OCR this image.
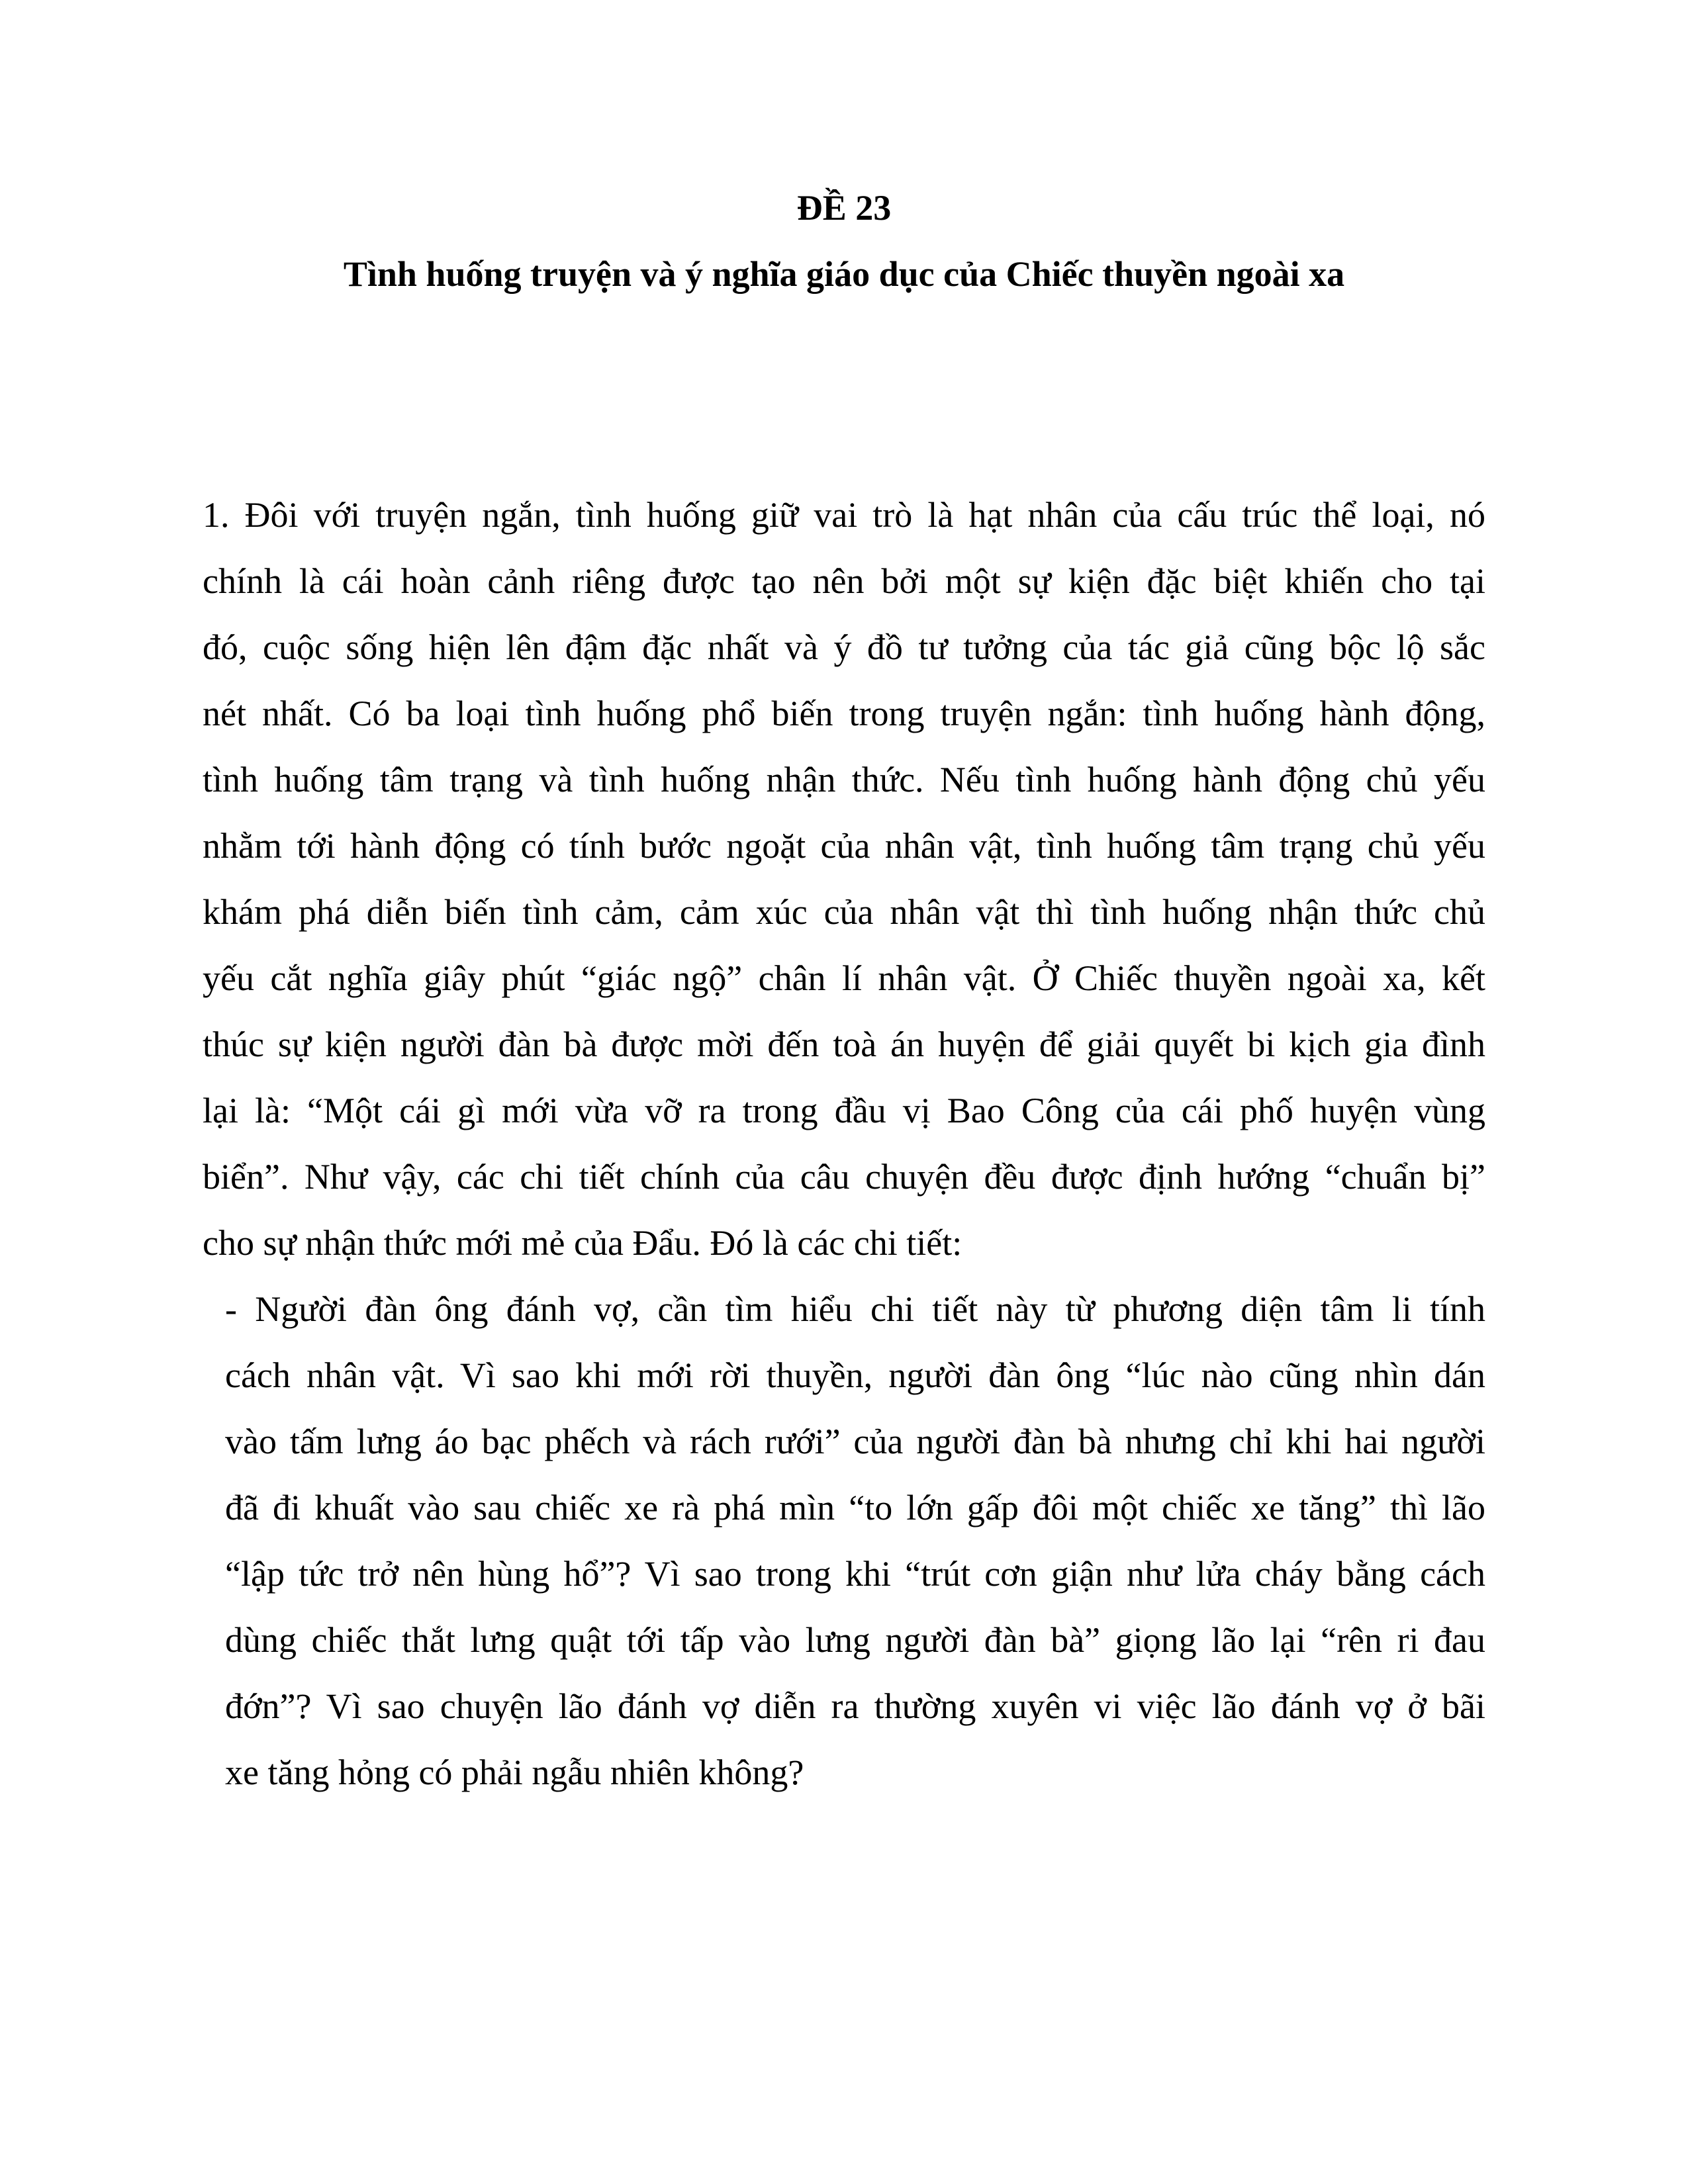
ĐỀ 23
Tình huống truyện và ý nghĩa giáo dục của Chiếc thuyền ngoài xa

1. Đôi với truyện ngắn, tình huống giữ vai trò là hạt nhân của cấu trúc thể loại, nó
chính là cái hoàn cảnh riêng được tạo nên bởi một sự kiện đặc biệt khiến cho tại
đó, cuộc sống hiện lên đậm đặc nhất và ý đồ tư tưởng của tác giả cũng bộc lộ sắc
nét nhất. Có ba loại tình huống phổ biến trong truyện ngắn: tình huống hành động,
tình huống tâm trạng và tình huống nhận thức. Nếu tình huống hành động chủ yếu
nhằm tới hành động có tính bước ngoặt của nhân vật, tình huống tâm trạng chủ yếu
khám phá diễn biến tình cảm, cảm xúc của nhân vật thì tình huống nhận thức chủ
yếu cắt nghĩa giây phút “giác ngộ” chân lí nhân vật. Ở Chiếc thuyền ngoài xa, kết
thúc sự kiện người đàn bà được mời đến toà án huyện để giải quyết bi kịch gia đình
lại là: “Một cái gì mới vừa vỡ ra trong đầu vị Bao Công của cái phố huyện vùng
biển”. Như vậy, các chi tiết chính của câu chuyện đều được định hướng “chuẩn bị”
cho sự nhận thức mới mẻ của Đẩu. Đó là các chi tiết:

- Người đàn ông đánh vợ, cần tìm hiểu chi tiết này từ phương diện tâm li tính
cách nhân vật. Vì sao khi mới rời thuyền, người đàn ông “lúc nào cũng nhìn dán
vào tấm lưng áo bạc phếch và rách rưới” của người đàn bà nhưng chỉ khi hai người
đã đi khuất vào sau chiếc xe rà phá mìn “to lớn gấp đôi một chiếc xe tăng” thì lão
“lập tức trở nên hùng hổ”? Vì sao trong khi “trút cơn giận như lửa cháy bằng cách
dùng chiếc thắt lưng quật tới tấp vào lưng người đàn bà” giọng lão lại “rên ri đau
đớn”? Vì sao chuyện lão đánh vợ diễn ra thường xuyên vi việc lão đánh vợ ở bãi
xe tăng hỏng có phải ngẫu nhiên không?
